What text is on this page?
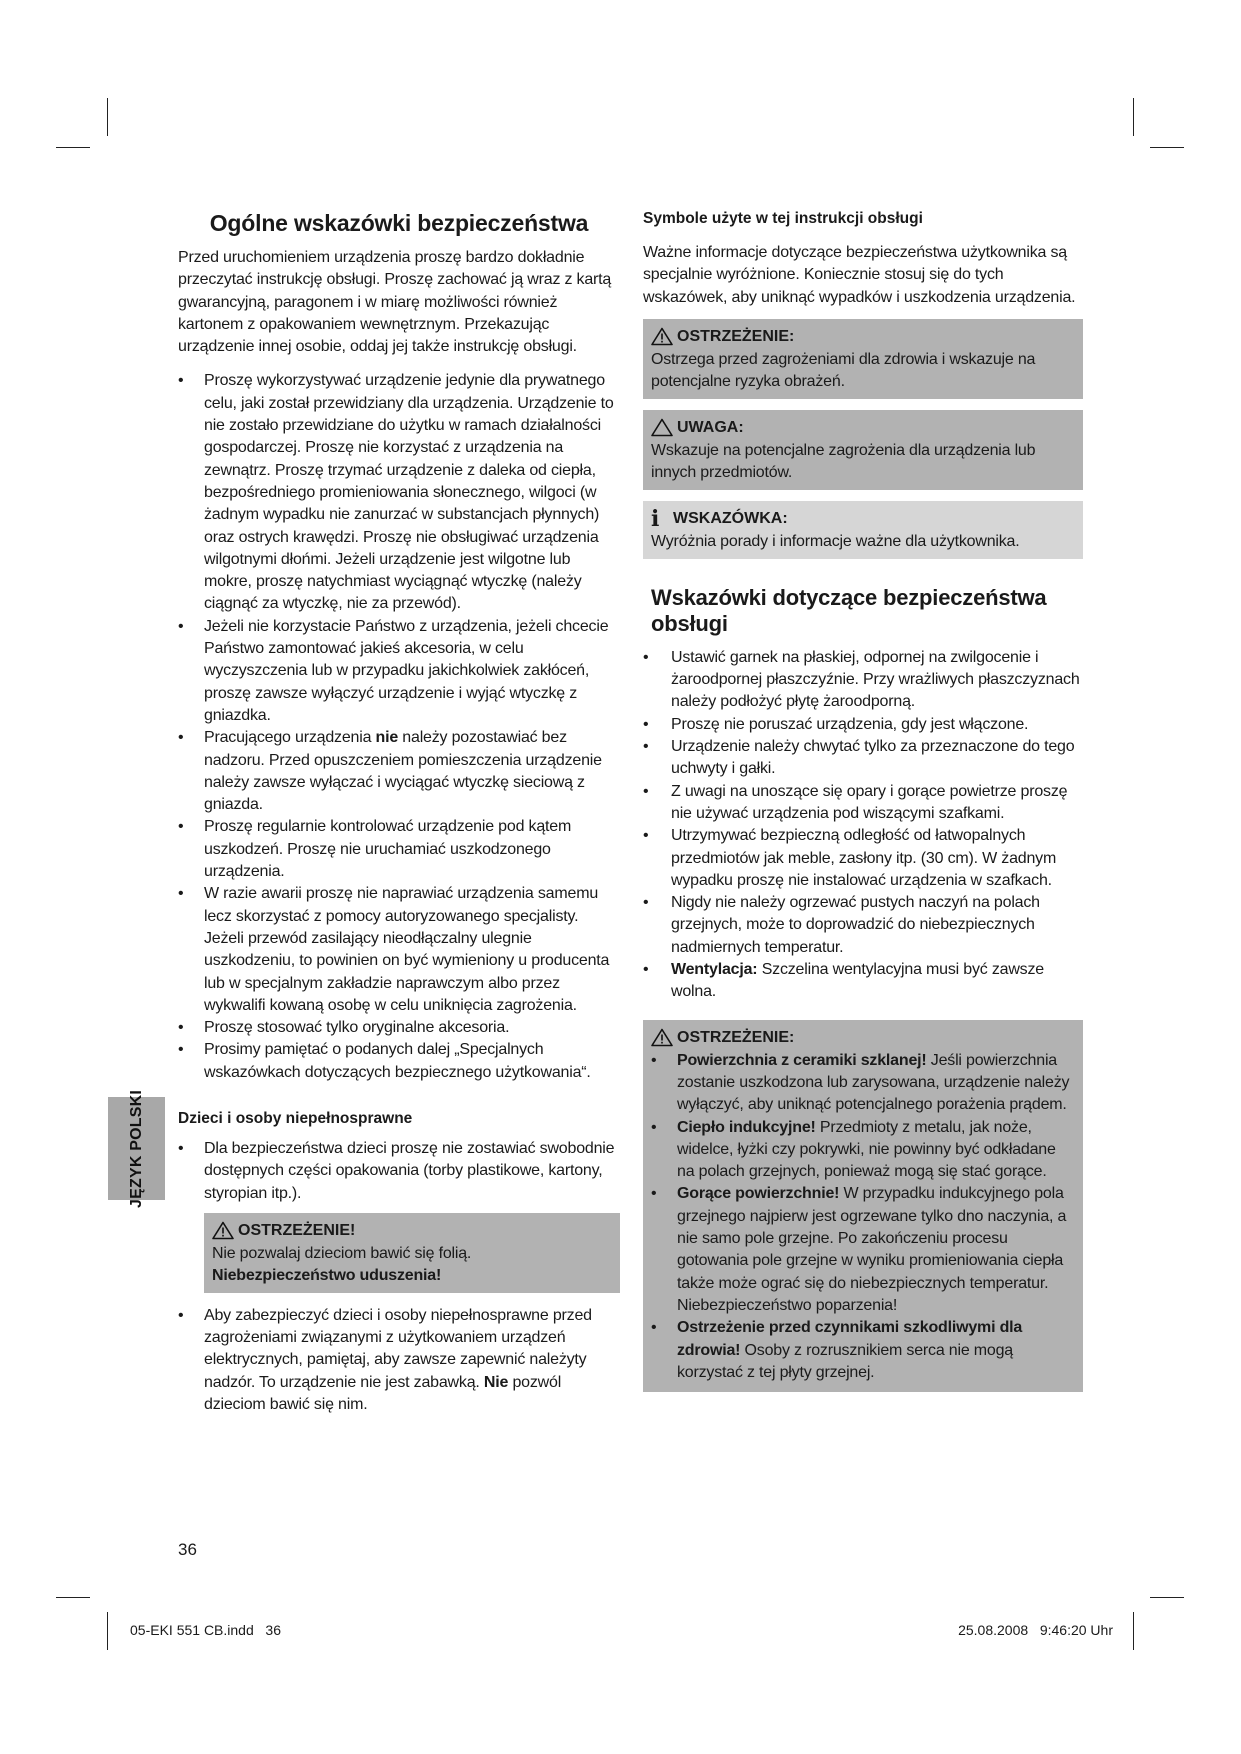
Ogólne wskazówki bezpieczeństwa
Przed uruchomieniem urządzenia proszę bardzo dokładnie przeczytać instrukcję obsługi. Proszę zachować ją wraz z kartą gwarancyjną, paragonem i w miarę możliwości również kartonem z opakowaniem wewnętrznym. Przekazując urządzenie innej osobie, oddaj jej także instrukcję obsługi.
• Proszę wykorzystywać urządzenie jedynie dla prywatnego celu, jaki został przewidziany dla urządzenia. Urządzenie to nie zostało przewidziane do użytku w ramach działalności gospodarczej. Proszę nie korzystać z urządzenia na zewnątrz. Proszę trzymać urządzenie z daleka od ciepła, bezpośredniego promieniowania słonecznego, wilgoci (w żadnym wypadku nie zanurzać w substancjach płynnych) oraz ostrych krawędzi. Proszę nie obsługiwać urządzenia wilgotnymi dłońmi. Jeżeli urządzenie jest wilgotne lub mokre, proszę natychmiast wyciągnąć wtyczkę (należy ciągnąć za wtyczkę, nie za przewód).
• Jeżeli nie korzystacie Państwo z urządzenia, jeżeli chcecie Państwo zamontować jakieś akcesoria, w celu wyczyszczenia lub w przypadku jakichkolwiek zakłóceń, proszę zawsze wyłączyć urządzenie i wyjąć wtyczkę z gniazdka.
• Pracującego urządzenia nie należy pozostawiać bez nadzoru. Przed opuszczeniem pomieszczenia urządzenie należy zawsze wyłączać i wyciągać wtyczkę sieciową z gniazda.
• Proszę regularnie kontrolować urządzenie pod kątem uszkodzeń. Proszę nie uruchamiać uszkodzonego urządzenia.
• W razie awarii proszę nie naprawiać urządzenia samemu lecz skorzystać z pomocy autoryzowanego specjalisty. Jeżeli przewód zasilający nieodłączalny ulegnie uszkodzeniu, to powinien on być wymieniony u producenta lub w specjalnym zakładzie naprawczym albo przez wykwalifi kowaną osobę w celu uniknięcia zagrożenia.
• Proszę stosować tylko oryginalne akcesoria.
• Prosimy pamiętać o podanych dalej „Specjalnych wskazówkach dotyczących bezpiecznego użytkowania“.
Dzieci i osoby niepełnosprawne
• Dla bezpieczeństwa dzieci proszę nie zostawiać swobodnie dostępnych części opakowania (torby plastikowe, kartony, styropian itp.).
OSTRZEŻENIE!
Nie pozwalaj dzieciom bawić się folią.
Niebezpieczeństwo uduszenia!
• Aby zabezpieczyć dzieci i osoby niepełnosprawne przed zagrożeniami związanymi z użytkowaniem urządzeń elektrycznych, pamiętaj, aby zawsze zapewnić należyty nadzór. To urządzenie nie jest zabawką. Nie pozwól dzieciom bawić się nim.
Symbole użyte w tej instrukcji obsługi
Ważne informacje dotyczące bezpieczeństwa użytkownika są specjalnie wyróżnione. Koniecznie stosuj się do tych wskazówek, aby uniknąć wypadków i uszkodzenia urządzenia.
OSTRZEŻENIE:
Ostrzega przed zagrożeniami dla zdrowia i wskazuje na potencjalne ryzyka obrażeń.
UWAGA:
Wskazuje na potencjalne zagrożenia dla urządzenia lub innych przedmiotów.
i WSKAZÓWKA:
Wyróżnia porady i informacje ważne dla użytkownika.
Wskazówki dotyczące bezpieczeństwa obsługi
• Ustawić garnek na płaskiej, odpornej na zwilgocenie i żaroodpornej płaszczyźnie. Przy wrażliwych płaszczyznach należy podłożyć płytę żaroodporną.
• Proszę nie poruszać urządzenia, gdy jest włączone.
• Urządzenie należy chwytać tylko za przeznaczone do tego uchwyty i gałki.
• Z uwagi na unoszące się opary i gorące powietrze proszę nie używać urządzenia pod wiszącymi szafkami.
• Utrzymywać bezpieczną odległość od łatwopalnych przedmiotów jak meble, zasłony itp. (30 cm). W żadnym wypadku proszę nie instalować urządzenia w szafkach.
• Nigdy nie należy ogrzewać pustych naczyń na polach grzejnych, może to doprowadzić do niebezpiecznych nadmiernych temperatur.
• Wentylacja: Szczelina wentylacyjna musi być zawsze wolna.
OSTRZEŻENIE:
• Powierzchnia z ceramiki szklanej! Jeśli powierzchnia zostanie uszkodzona lub zarysowana, urządzenie należy wyłączyć, aby uniknąć potencjalnego porażenia prądem.
• Ciepło indukcyjne! Przedmioty z metalu, jak noże, widelce, łyżki czy pokrywki, nie powinny być odkładane na polach grzejnych, ponieważ mogą się stać gorące.
• Gorące powierzchnie! W przypadku indukcyjnego pola grzejnego najpierw jest ogrzewane tylko dno naczynia, a nie samo pole grzejne. Po zakończeniu procesu gotowania pole grzejne w wyniku promieniowania ciepła także może ograć się do niebezpiecznych temperatur. Niebezpieczeństwo poparzenia!
• Ostrzeżenie przed czynnikami szkodliwymi dla zdrowia! Osoby z rozrusznikiem serca nie mogą korzystać z tej płyty grzejnej.
JĘZYK POLSKI
36
05-EKI 551 CB.indd   36	25.08.2008   9:46:20 Uhr
